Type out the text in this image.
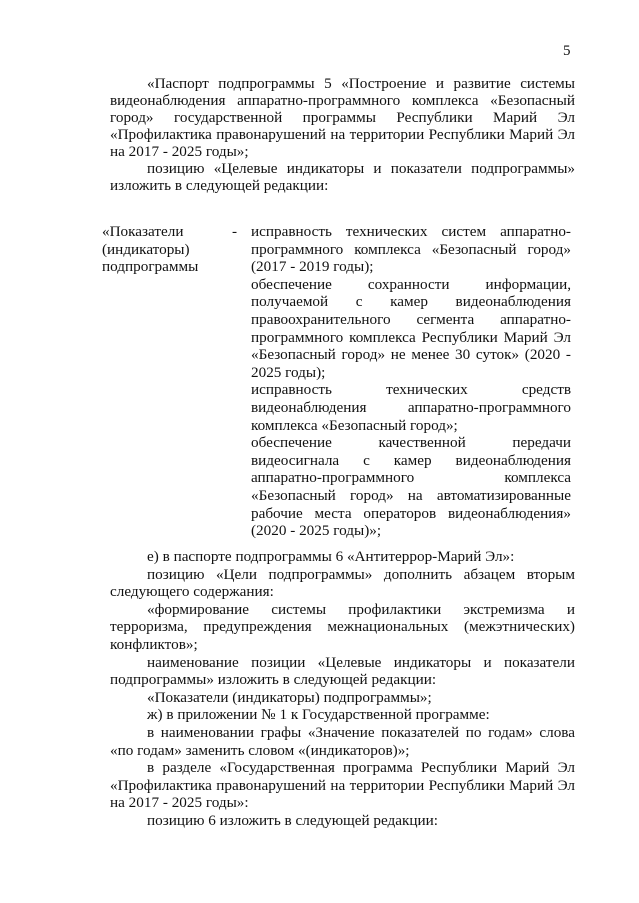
5

«Паспорт подпрограммы 5 «Построение и развитие системы видеонаблюдения аппаратно-программного комплекса «Безопасный город» государственной программы Республики Марий Эл «Профилактика правонарушений на территории Республики Марий Эл на 2017 - 2025 годы»;

позицию «Целевые индикаторы и показатели подпрограммы» изложить в следующей редакции:

«Показатели
(индикаторы)
подпрограммы
- исправность технических систем аппаратно-программного комплекса «Безопасный город» (2017 - 2019 годы);

обеспечение сохранности информации, получаемой с камер видеонаблюдения правоохранительного сегмента аппаратно-программного комплекса Республики Марий Эл «Безопасный город» не менее 30 суток» (2020 - 2025 годы);

исправность технических средств видеонаблюдения аппаратно-программного комплекса «Безопасный город»;

обеспечение качественной передачи видеосигнала с камер видеонаблюдения аппаратно-программного комплекса «Безопасный город» на автоматизированные рабочие места операторов видеонаблюдения» (2020 - 2025 годы)»;

е) в паспорте подпрограммы 6 «Антитеррор-Марий Эл»:

позицию «Цели подпрограммы» дополнить абзацем вторым следующего содержания:

«формирование системы профилактики экстремизма и терроризма, предупреждения межнациональных (межэтнических) конфликтов»;

наименование позиции «Целевые индикаторы и показатели подпрограммы» изложить в следующей редакции:

«Показатели (индикаторы) подпрограммы»;

ж) в приложении № 1 к Государственной программе:

в наименовании графы «Значение показателей по годам» слова «по годам» заменить словом «(индикаторов)»;

в разделе «Государственная программа Республики Марий Эл «Профилактика правонарушений на территории Республики Марий Эл на 2017 - 2025 годы»:

позицию 6 изложить в следующей редакции:
